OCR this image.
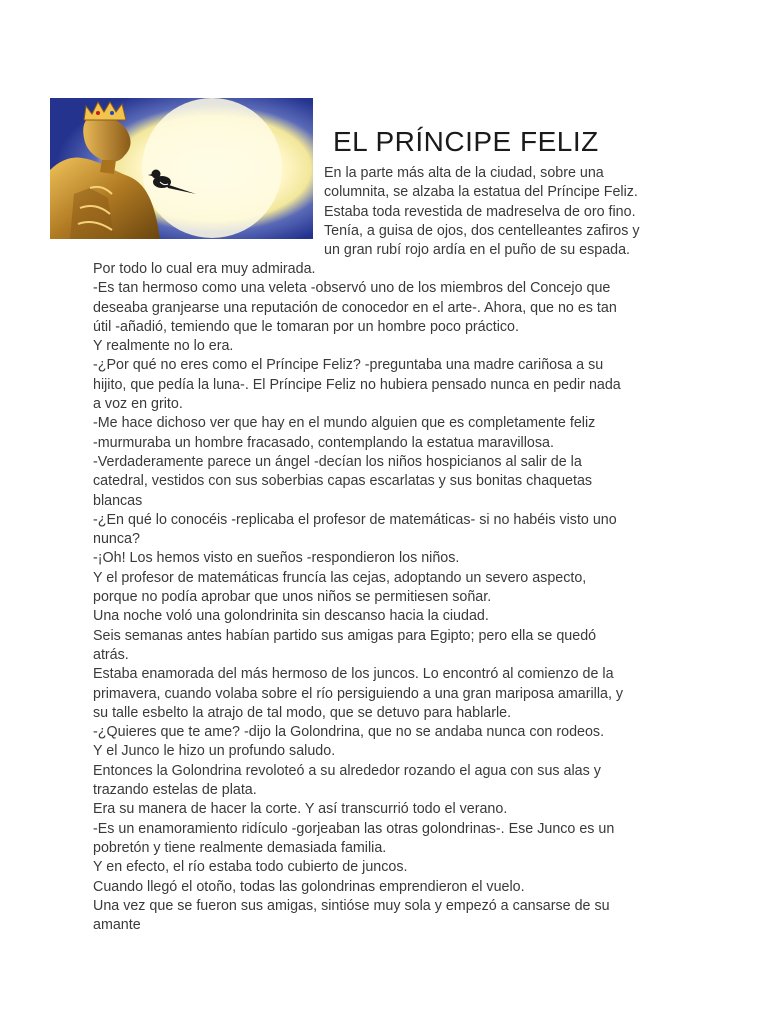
EL PRÍNCIPE FELIZ
En la parte más alta de la ciudad, sobre una
columnita, se alzaba la estatua del Príncipe Feliz.
Estaba toda revestida de madreselva de oro fino.
Tenía, a guisa de ojos, dos centelleantes zafiros y
un gran rubí rojo ardía en el puño de su espada.
Por todo lo cual era muy admirada.
-Es tan hermoso como una veleta -observó uno de los miembros del Concejo que
deseaba granjearse una reputación de conocedor en el arte-. Ahora, que no es tan
útil -añadió, temiendo que le tomaran por un hombre poco práctico.
Y realmente no lo era.
-¿Por qué no eres como el Príncipe Feliz? -preguntaba una madre cariñosa a su
hijito, que pedía la luna-. El Príncipe Feliz no hubiera pensado nunca en pedir nada
a voz en grito.
-Me hace dichoso ver que hay en el mundo alguien que es completamente feliz
-murmuraba un hombre fracasado, contemplando la estatua maravillosa.
-Verdaderamente parece un ángel -decían los niños hospicianos al salir de la
catedral, vestidos con sus soberbias capas escarlatas y sus bonitas chaquetas
blancas
-¿En qué lo conocéis -replicaba el profesor de matemáticas- si no habéis visto uno
nunca?
-¡Oh! Los hemos visto en sueños -respondieron los niños.
Y el profesor de matemáticas fruncía las cejas, adoptando un severo aspecto,
porque no podía aprobar que unos niños se permitiesen soñar.
Una noche voló una golondrinita sin descanso hacia la ciudad.
Seis semanas antes habían partido sus amigas para Egipto; pero ella se quedó
atrás.
Estaba enamorada del más hermoso de los juncos. Lo encontró al comienzo de la
primavera, cuando volaba sobre el río persiguiendo a una gran mariposa amarilla, y
su talle esbelto la atrajo de tal modo, que se detuvo para hablarle.
-¿Quieres que te ame? -dijo la Golondrina, que no se andaba nunca con rodeos.
Y el Junco le hizo un profundo saludo.
Entonces la Golondrina revoloteó a su alrededor rozando el agua con sus alas y
trazando estelas de plata.
Era su manera de hacer la corte. Y así transcurrió todo el verano.
-Es un enamoramiento ridículo -gorjeaban las otras golondrinas-. Ese Junco es un
pobretón y tiene realmente demasiada familia.
Y en efecto, el río estaba todo cubierto de juncos.
Cuando llegó el otoño, todas las golondrinas emprendieron el vuelo.
Una vez que se fueron sus amigas, sintióse muy sola y empezó a cansarse de su
amante
